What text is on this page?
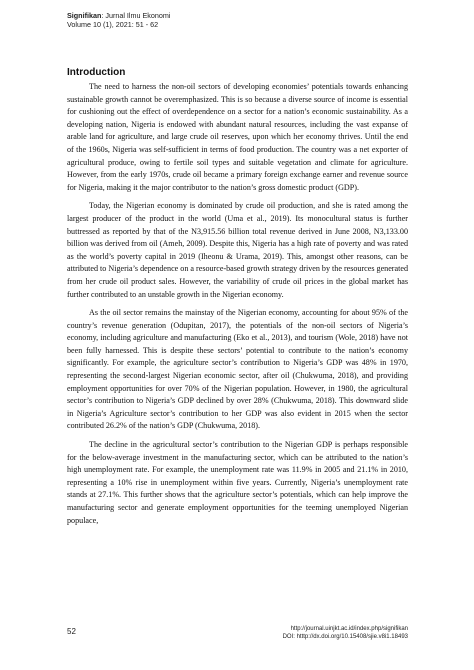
Signifikan: Jurnal Ilmu Ekonomi
Volume 10 (1), 2021: 51 - 62
Introduction

The need to harness the non-oil sectors of developing economies’ potentials towards enhancing sustainable growth cannot be overemphasized. This is so because a diverse source of income is essential for cushioning out the effect of overdependence on a sector for a nation’s economic sustainability. As a developing nation, Nigeria is endowed with abundant natural resources, including the vast expanse of arable land for agriculture, and large crude oil reserves, upon which her economy thrives. Until the end of the 1960s, Nigeria was self-sufficient in terms of food production. The country was a net exporter of agricultural produce, owing to fertile soil types and suitable vegetation and climate for agriculture. However, from the early 1970s, crude oil became a primary foreign exchange earner and revenue source for Nigeria, making it the major contributor to the nation’s gross domestic product (GDP).

Today, the Nigerian economy is dominated by crude oil production, and she is rated among the largest producer of the product in the world (Uma et al., 2019). Its monocultural status is further buttressed as reported by that of the N3,915.56 billion total revenue derived in June 2008, N3,133.00 billion was derived from oil (Ameh, 2009). Despite this, Nigeria has a high rate of poverty and was rated as the world’s poverty capital in 2019 (Iheonu & Urama, 2019). This, amongst other reasons, can be attributed to Nigeria’s dependence on a resource-based growth strategy driven by the resources generated from her crude oil product sales. However, the variability of crude oil prices in the global market has further contributed to an unstable growth in the Nigerian economy.

As the oil sector remains the mainstay of the Nigerian economy, accounting for about 95% of the country’s revenue generation (Odupitan, 2017), the potentials of the non-oil sectors of Nigeria’s economy, including agriculture and manufacturing (Eko et al., 2013), and tourism (Wole, 2018) have not been fully harnessed. This is despite these sectors’ potential to contribute to the nation’s economy significantly. For example, the agriculture sector’s contribution to Nigeria’s GDP was 48% in 1970, representing the second-largest Nigerian economic sector, after oil (Chukwuma, 2018), and providing employment opportunities for over 70% of the Nigerian population. However, in 1980, the agricultural sector’s contribution to Nigeria’s GDP declined by over 28% (Chukwuma, 2018). This downward slide in Nigeria’s Agriculture sector’s contribution to her GDP was also evident in 2015 when the sector contributed 26.2% of the nation’s GDP (Chukwuma, 2018).

The decline in the agricultural sector’s contribution to the Nigerian GDP is perhaps responsible for the below-average investment in the manufacturing sector, which can be attributed to the nation’s high unemployment rate. For example, the unemployment rate was 11.9% in 2005 and 21.1% in 2010, representing a 10% rise in unemployment within five years. Currently, Nigeria’s unemployment rate stands at 27.1%. This further shows that the agriculture sector’s potentials, which can help improve the manufacturing sector and generate employment opportunities for the teeming unemployed Nigerian populace,

52	http://journal.uinjkt.ac.id/index.php/signifikan
DOI: htttp://dx.doi.org/10.15408/sjie.v8i1.18493
